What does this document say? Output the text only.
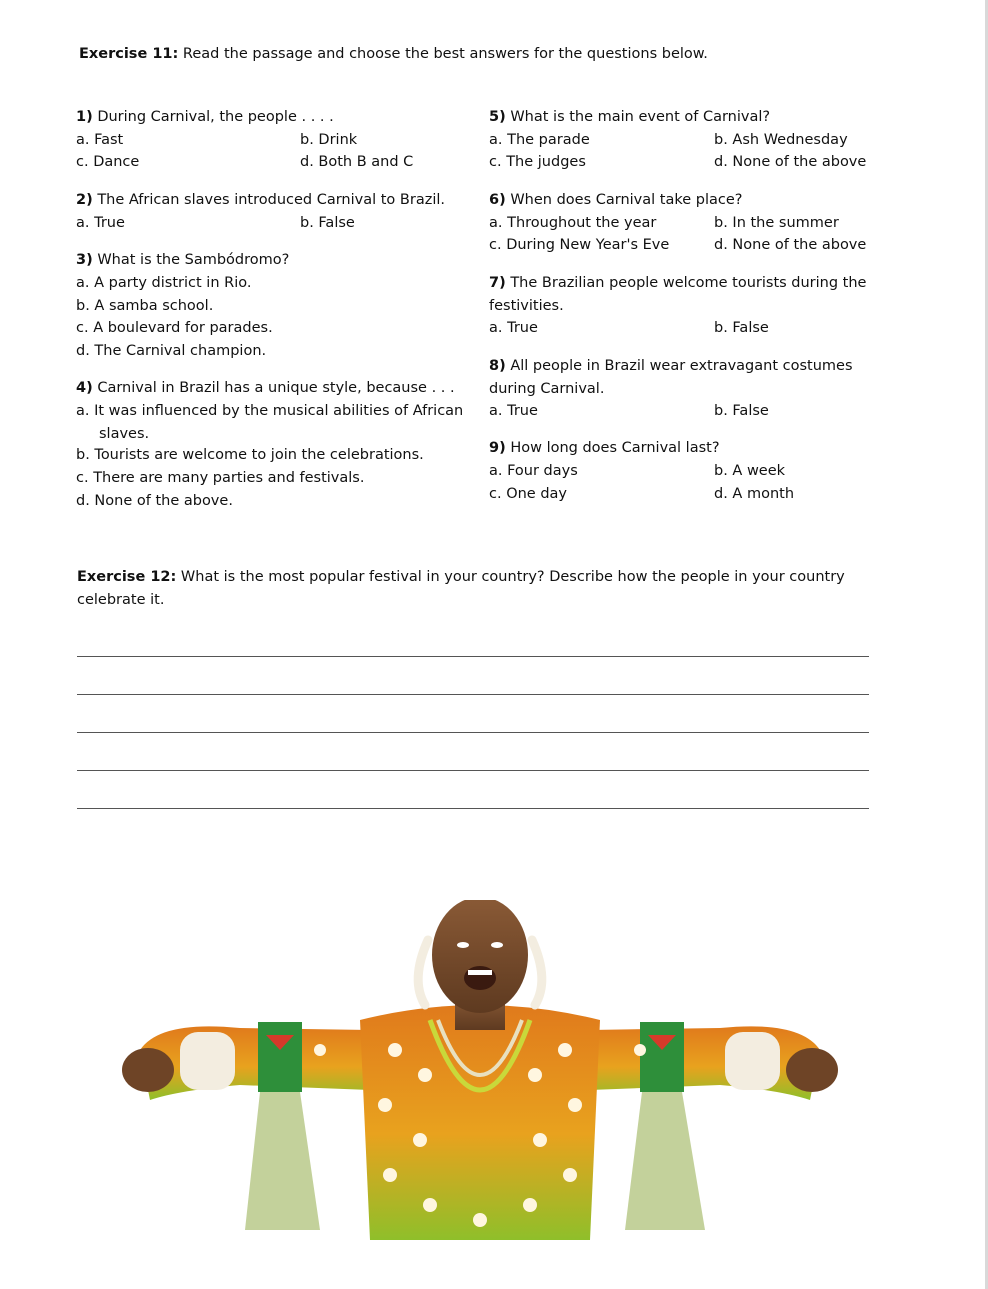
Exercise 11: Read the passage and choose the best answers for the questions below.
1) During Carnival, the people . . . .
a. Fast	b. Drink
c. Dance	d. Both B and C
2) The African slaves introduced Carnival to Brazil.
a. True	b. False
3) What is the Sambódromo?
a. A party district in Rio.
b. A samba school.
c. A boulevard for parades.
d. The Carnival champion.
4) Carnival in Brazil has a unique style, because . . .
a. It was influenced by the musical abilities of African
slaves.
b. Tourists are welcome to join the celebrations.
c. There are many parties and festivals.
d. None of the above.
5) What is the main event of Carnival?
a. The parade	b. Ash Wednesday
c. The judges	d. None of the above
6) When does Carnival take place?
a. Throughout the year	b. In the summer
c. During New Year's Eve	d. None of the above
7) The Brazilian people welcome tourists during the
festivities.
a. True	b. False
8) All people in Brazil wear extravagant costumes
during Carnival.
a. True	b. False
9) How long does Carnival last?
a. Four days	b. A week
c. One day	d. A month
Exercise 12: What is the most popular festival in your country? Describe how the people in your country
celebrate it.
